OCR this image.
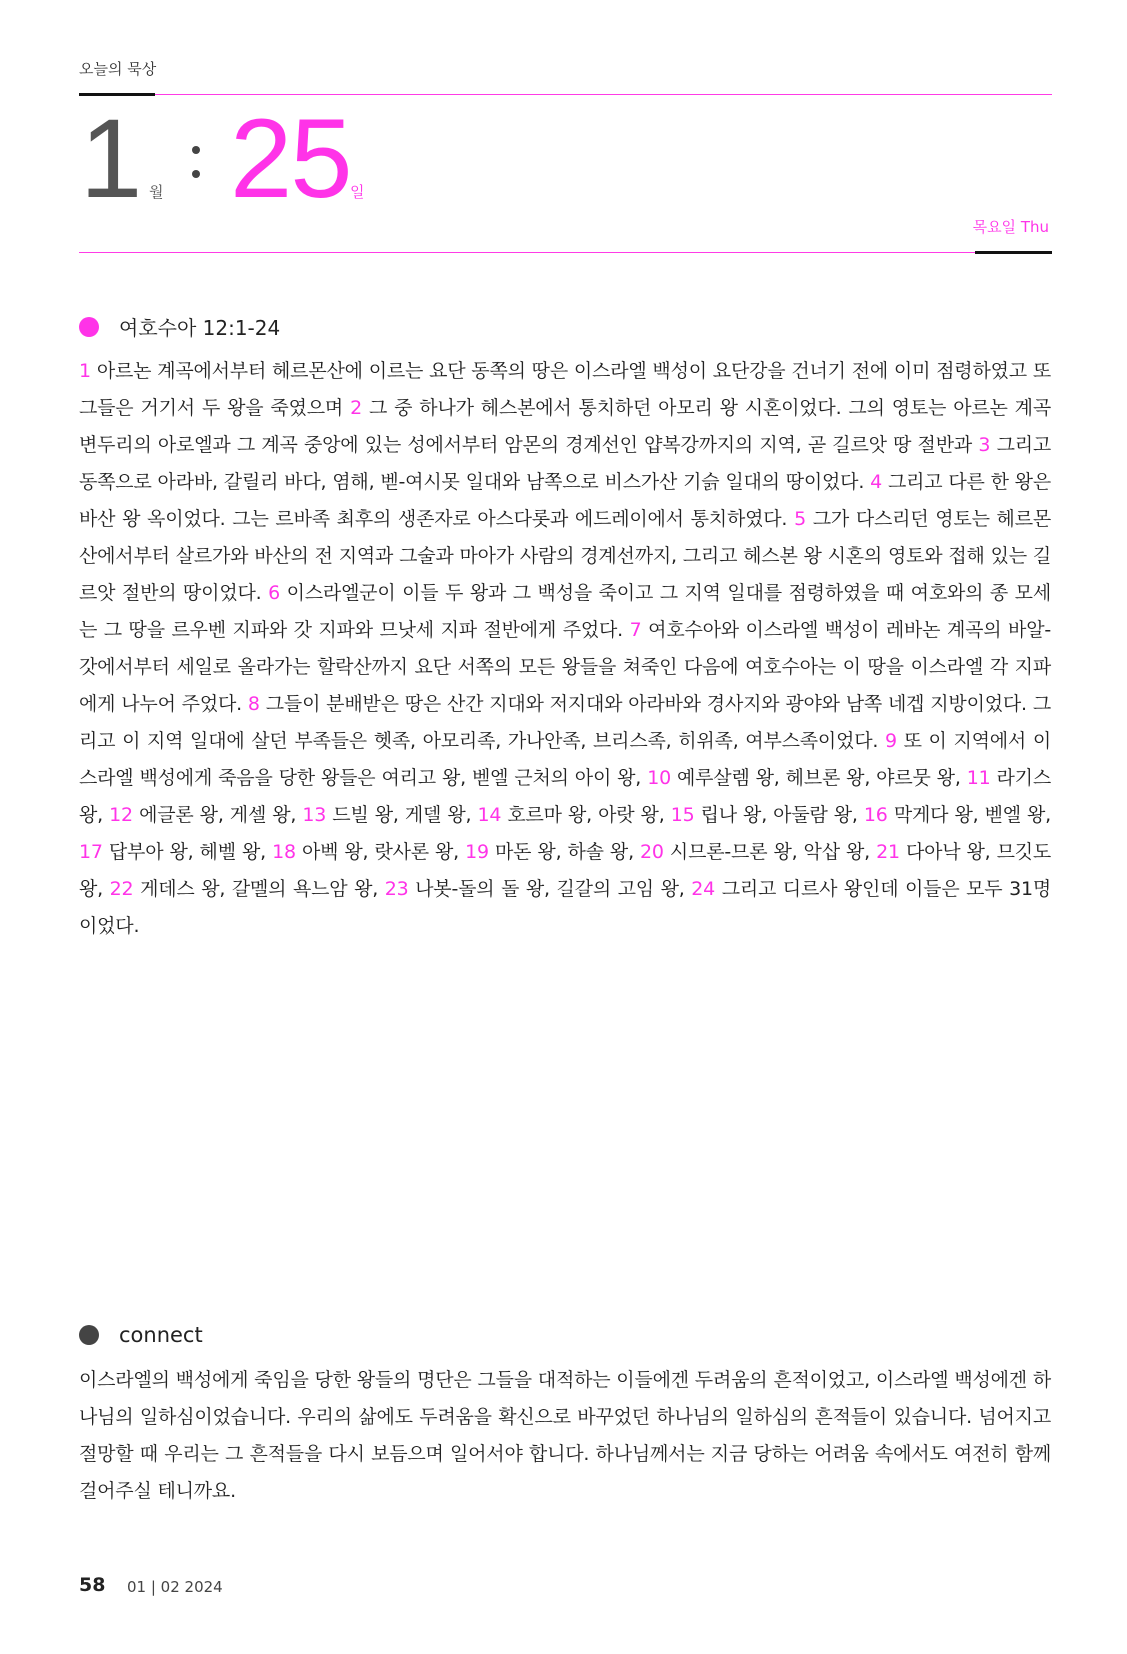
오늘의 묵상
1 월 25 일
목요일 Thu
여호수아 12:1-24
1 아르논 계곡에서부터 헤르몬산에 이르는 요단 동쪽의 땅은 이스라엘 백성이 요단강을 건너기 전에 이미 점령하였고 또 그들은 거기서 두 왕을 죽였으며 2 그 중 하나가 헤스본에서 통치하던 아모리 왕 시혼이었다. 그의 영토는 아르논 계곡 변두리의 아로엘과 그 계곡 중앙에 있는 성에서부터 암몬의 경계선인 얍복강까지의 지역, 곧 길르앗 땅 절반과 3 그리고 동쪽으로 아라바, 갈릴리 바다, 염해, 벧-여시못 일대와 남쪽으로 비스가산 기슭 일대의 땅이었다. 4 그리고 다른 한 왕은 바산 왕 옥이었다. 그는 르바족 최후의 생존자로 아스다롯과 에드레이에서 통치하였다. 5 그가 다스리던 영토는 헤르몬산에서부터 살르가와 바산의 전 지역과 그술과 마아가 사람의 경계선까지, 그리고 헤스본 왕 시혼의 영토와 접해 있는 길르앗 절반의 땅이었다. 6 이스라엘군이 이들 두 왕과 그 백성을 죽이고 그 지역 일대를 점령하였을 때 여호와의 종 모세는 그 땅을 르우벤 지파와 갓 지파와 므낫세 지파 절반에게 주었다. 7 여호수아와 이스라엘 백성이 레바논 계곡의 바알-갓에서부터 세일로 올라가는 할락산까지 요단 서쪽의 모든 왕들을 쳐죽인 다음에 여호수아는 이 땅을 이스라엘 각 지파에게 나누어 주었다. 8 그들이 분배받은 땅은 산간 지대와 저지대와 아라바와 경사지와 광야와 남쪽 네겝 지방이었다. 그리고 이 지역 일대에 살던 부족들은 헷족, 아모리족, 가나안족, 브리스족, 히위족, 여부스족이었다. 9 또 이 지역에서 이스라엘 백성에게 죽음을 당한 왕들은 여리고 왕, 벧엘 근처의 아이 왕, 10 예루살렘 왕, 헤브론 왕, 야르뭇 왕, 11 라기스 왕, 12 에글론 왕, 게셀 왕, 13 드빌 왕, 게델 왕, 14 호르마 왕, 아랏 왕, 15 립나 왕, 아둘람 왕, 16 막게다 왕, 벧엘 왕, 17 답부아 왕, 헤벨 왕, 18 아벡 왕, 랏사론 왕, 19 마돈 왕, 하솔 왕, 20 시므론-므론 왕, 악삽 왕, 21 다아낙 왕, 므깃도 왕, 22 게데스 왕, 갈멜의 욕느암 왕, 23 나봇-돌의 돌 왕, 길갈의 고임 왕, 24 그리고 디르사 왕인데 이들은 모두 31명이었다.
connect
이스라엘의 백성에게 죽임을 당한 왕들의 명단은 그들을 대적하는 이들에겐 두려움의 흔적이었고, 이스라엘 백성에겐 하나님의 일하심이었습니다. 우리의 삶에도 두려움을 확신으로 바꾸었던 하나님의 일하심의 흔적들이 있습니다. 넘어지고 절망할 때 우리는 그 흔적들을 다시 보듬으며 일어서야 합니다. 하나님께서는 지금 당하는 어려움 속에서도 여전히 함께 걸어주실 테니까요.
58 01 | 02 2024
